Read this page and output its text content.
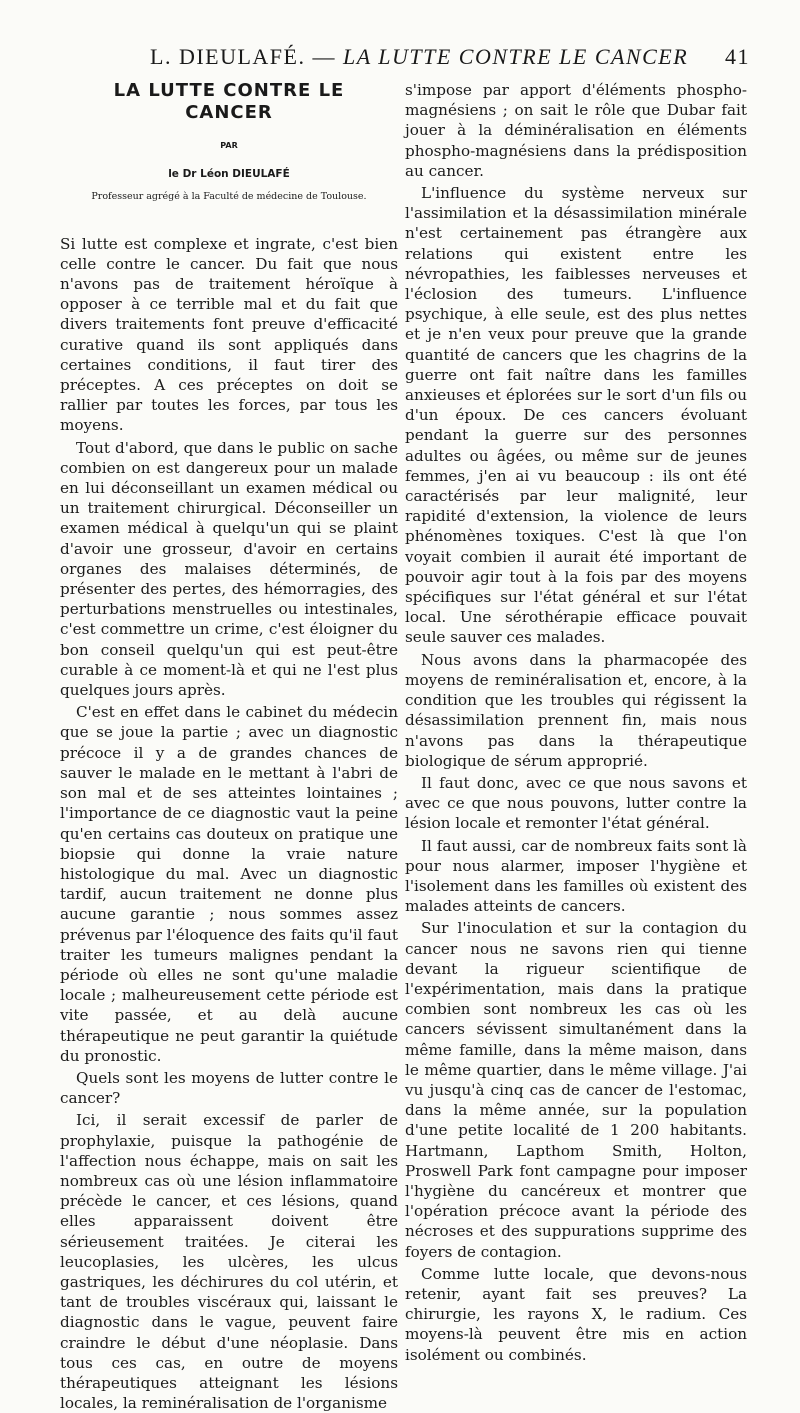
L. DIEULAFÉ. — LA LUTTE CONTRE LE CANCER 41
LA LUTTE CONTRE LE CANCER
PAR
le Dr Léon DIEULAFÉ
Professeur agrégé à la Faculté de médecine de Toulouse.

Si lutte est complexe et ingrate, c'est bien celle contre le cancer. Du fait que nous n'avons pas de traitement héroïque à opposer à ce terrible mal et du fait que divers traitements font preuve d'efficacité curative quand ils sont appliqués dans certaines conditions, il faut tirer des préceptes. A ces préceptes on doit se rallier par toutes les forces, par tous les moyens.

Tout d'abord, que dans le public on sache combien on est dangereux pour un malade en lui déconseillant un examen médical ou un traitement chirurgical. Déconseiller un examen médical à quelqu'un qui se plaint d'avoir une grosseur, d'avoir en certains organes des malaises déterminés, de présenter des pertes, des hémorragies, des perturbations menstruelles ou intestinales, c'est commettre un crime, c'est éloigner du bon conseil quelqu'un qui est peut-être curable à ce moment-là et qui ne l'est plus quelques jours après.

C'est en effet dans le cabinet du médecin que se joue la partie ; avec un diagnostic précoce il y a de grandes chances de sauver le malade en le mettant à l'abri de son mal et de ses atteintes lointaines ; l'importance de ce diagnostic vaut la peine qu'en certains cas douteux on pratique une biopsie qui donne la vraie nature histologique du mal. Avec un diagnostic tardif, aucun traitement ne donne plus aucune garantie ; nous sommes assez prévenus par l'éloquence des faits qu'il faut traiter les tumeurs malignes pendant la période où elles ne sont qu'une maladie locale ; malheureusement cette période est vite passée, et au delà aucune thérapeutique ne peut garantir la quiétude du pronostic.

Quels sont les moyens de lutter contre le cancer?

Ici, il serait excessif de parler de prophylaxie, puisque la pathogénie de l'affection nous échappe, mais on sait les nombreux cas où une lésion inflammatoire précède le cancer, et ces lésions, quand elles apparaissent doivent être sérieusement traitées. Je citerai les leucoplasies, les ulcères, les ulcus gastriques, les déchirures du col utérin, et tant de troubles viscéraux qui, laissant le diagnostic dans le vague, peuvent faire craindre le début d'une néoplasie. Dans tous ces cas, en outre de moyens thérapeutiques atteignant les lésions locales, la reminéralisation de l'organisme

s'impose par apport d'éléments phospho-magnésiens ; on sait le rôle que Dubar fait jouer à la déminéralisation en éléments phospho-magnésiens dans la prédisposition au cancer.

L'influence du système nerveux sur l'assimilation et la désassimilation minérale n'est certainement pas étrangère aux relations qui existent entre les névropathies, les faiblesses nerveuses et l'éclosion des tumeurs. L'influence psychique, à elle seule, est des plus nettes et je n'en veux pour preuve que la grande quantité de cancers que les chagrins de la guerre ont fait naître dans les familles anxieuses et éplorées sur le sort d'un fils ou d'un époux. De ces cancers évoluant pendant la guerre sur des personnes adultes ou âgées, ou même sur de jeunes femmes, j'en ai vu beaucoup : ils ont été caractérisés par leur malignité, leur rapidité d'extension, la violence de leurs phénomènes toxiques. C'est là que l'on voyait combien il aurait été important de pouvoir agir tout à la fois par des moyens spécifiques sur l'état général et sur l'état local. Une sérothérapie efficace pouvait seule sauver ces malades.

Nous avons dans la pharmacopée des moyens de reminéralisation et, encore, à la condition que les troubles qui régissent la désassimilation prennent fin, mais nous n'avons pas dans la thérapeutique biologique de sérum approprié.

Il faut donc, avec ce que nous savons et avec ce que nous pouvons, lutter contre la lésion locale et remonter l'état général.

Il faut aussi, car de nombreux faits sont là pour nous alarmer, imposer l'hygiène et l'isolement dans les familles où existent des malades atteints de cancers.

Sur l'inoculation et sur la contagion du cancer nous ne savons rien qui tienne devant la rigueur scientifique de l'expérimentation, mais dans la pratique combien sont nombreux les cas où les cancers sévissent simultanément dans la même famille, dans la même maison, dans le même quartier, dans le même village. J'ai vu jusqu'à cinq cas de cancer de l'estomac, dans la même année, sur la population d'une petite localité de 1 200 habitants. Hartmann, Lapthom Smith, Holton, Proswell Park font campagne pour imposer l'hygiène du cancéreux et montrer que l'opération précoce avant la période des nécroses et des suppurations supprime des foyers de contagion.

Comme lutte locale, que devons-nous retenir, ayant fait ses preuves? La chirurgie, les rayons X, le radium. Ces moyens-là peuvent être mis en action isolément ou combinés.
